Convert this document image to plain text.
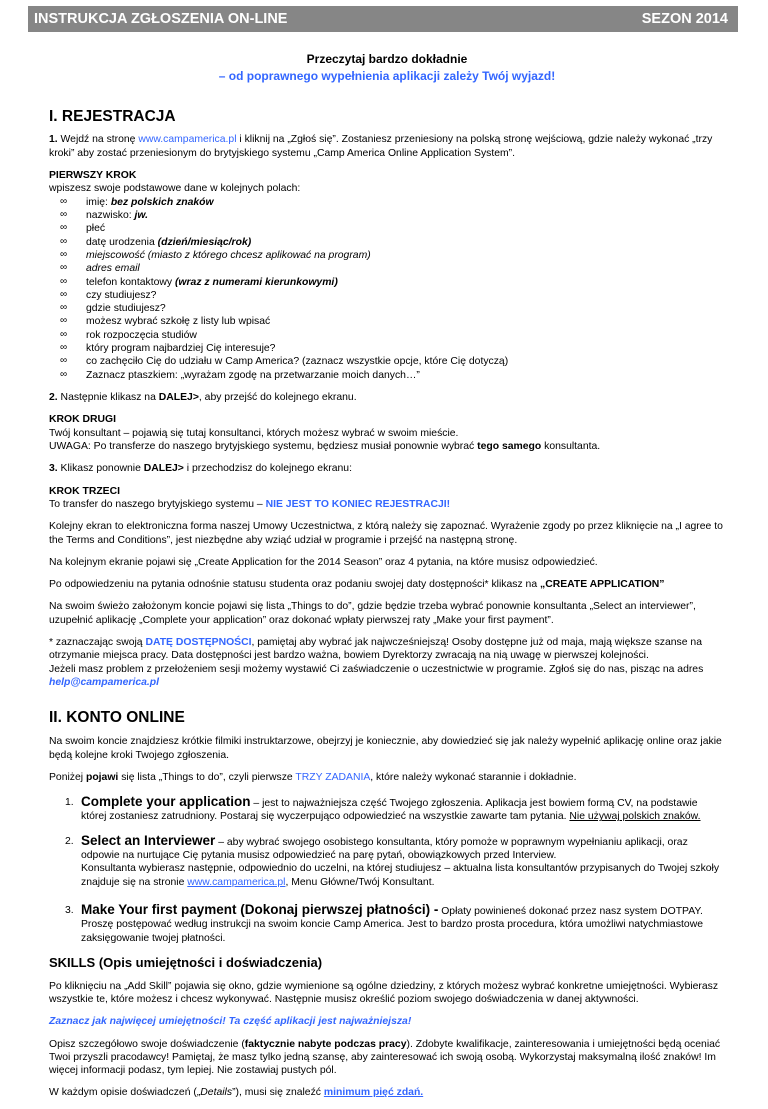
INSTRUKCJA ZGŁOSZENIA ON-LINE	SEZON 2014
Przeczytaj bardzo dokładnie
– od poprawnego wypełnienia aplikacji zależy Twój wyjazd!
I. REJESTRACJA

1. Wejdź na stronę www.campamerica.pl i kliknij na „Zgłoś się”. Zostaniesz przeniesiony na polską stronę wejściową, gdzie należy wykonać „trzy kroki” aby zostać przeniesionym do brytyjskiego systemu „Camp America Online Application System”.

PIERWSZY KROK
wpiszesz swoje podstawowe dane w kolejnych polach:
∞ imię: bez polskich znaków
∞ nazwisko: jw.
∞ płeć
∞ datę urodzenia (dzień/miesiąc/rok)
∞ miejscowość (miasto z którego chcesz aplikować na program)
∞ adres email
∞ telefon kontaktowy (wraz z numerami kierunkowymi)
∞ czy studiujesz?
∞ gdzie studiujesz?
∞ możesz wybrać szkołę z listy lub wpisać
∞ rok rozpoczęcia studiów
∞ który program najbardziej Cię interesuje?
∞ co zachęciło Cię do udziału w Camp America? (zaznacz wszystkie opcje, które Cię dotyczą)
∞ Zaznacz ptaszkiem: „wyrażam zgodę na przetwarzanie moich danych…”

2. Następnie klikasz na DALEJ>, aby przejść do kolejnego ekranu.

KROK DRUGI
Twój konsultant – pojawią się tutaj konsultanci, których możesz wybrać w swoim mieście.
UWAGA: Po transferze do naszego brytyjskiego systemu, będziesz musiał ponownie wybrać tego samego konsultanta.

3. Klikasz ponownie DALEJ> i przechodzisz do kolejnego ekranu:

KROK TRZECI
To transfer do naszego brytyjskiego systemu – NIE JEST TO KONIEC REJESTRACJI!

Kolejny ekran to elektroniczna forma naszej Umowy Uczestnictwa, z którą należy się zapoznać. Wyrażenie zgody po przez kliknięcie na „I agree to the Terms and Conditions”, jest niezbędne aby wziąć udział w programie i przejść na następną stronę.

Na kolejnym ekranie pojawi się „Create Application for the 2014 Season” oraz 4 pytania, na które musisz odpowiedzieć.

Po odpowiedzeniu na pytania odnośnie statusu studenta oraz podaniu swojej daty dostępności* klikasz na „CREATE APPLICATION”

Na swoim świeżo założonym koncie pojawi się lista „Things to do”, gdzie będzie trzeba wybrać ponownie konsultanta „Select an interviewer”, uzupełnić aplikację „Complete your application” oraz dokonać wpłaty pierwszej raty „Make your first payment”.

* zaznaczając swoją DATĘ DOSTĘPNOŚCI, pamiętaj aby wybrać jak najwcześniejszą! Osoby dostępne już od maja, mają większe szanse na otrzymanie miejsca pracy. Data dostępności jest bardzo ważna, bowiem Dyrektorzy zwracają na nią uwagę w pierwszej kolejności.
Jeżeli masz problem z przełożeniem sesji możemy wystawić Ci zaświadczenie o uczestnictwie w programie. Zgłoś się do nas, pisząc na adres
help@campamerica.pl

II. KONTO ONLINE

Na swoim koncie znajdziesz krótkie filmiki instruktarzowe, obejrzyj je koniecznie, aby dowiedzieć się jak należy wypełnić aplikację online oraz jakie będą kolejne kroki Twojego zgłoszenia.

Poniżej pojawi się lista „Things to do”, czyli pierwsze TRZY ZADANIA, które należy wykonać starannie i dokładnie.

1. Complete your application – jest to najważniejsza część Twojego zgłoszenia. Aplikacja jest bowiem formą CV, na podstawie której zostaniesz zatrudniony. Postaraj się wyczerpująco odpowiedzieć na wszystkie zawarte tam pytania. Nie używaj polskich znaków.
2. Select an Interviewer – aby wybrać swojego osobistego konsultanta, który pomoże w poprawnym wypełnianiu aplikacji, oraz odpowie na nurtujące Cię pytania musisz odpowiedzieć na parę pytań, obowiązkowych przed Interview.
Konsultanta wybierasz następnie, odpowiednio do uczelni, na której studiujesz – aktualna lista konsultantów przypisanych do Twojej szkoły znajduje się na stronie www.campamerica.pl, Menu Główne/Twój Konsultant.
3. Make Your first payment (Dokonaj pierwszej płatności) - Opłaty powinieneś dokonać przez nasz system DOTPAY.
Proszę postępować według instrukcji na swoim koncie Camp America. Jest to bardzo prosta procedura, która umożliwi natychmiastowe zaksięgowanie twojej płatności.
SKILLS (Opis umiejętności i doświadczenia)

Po kliknięciu na „Add Skill” pojawia się okno, gdzie wymienione są ogólne dziedziny, z których możesz wybrać konkretne umiejętności. Wybierasz wszystkie te, które możesz i chcesz wykonywać. Następnie musisz określić poziom swojego doświadczenia w danej aktywności.

Zaznacz jak najwięcej umiejętności! Ta część aplikacji jest najważniejsza!

Opisz szczegółowo swoje doświadczenie (faktycznie nabyte podczas pracy). Zdobyte kwalifikacje, zainteresowania i umiejętności będą oceniać Twoi przyszli pracodawcy! Pamiętaj, że masz tylko jedną szansę, aby zainteresować ich swoją osobą. Wykorzystaj maksymalną ilość znaków! Im więcej informacji podasz, tym lepiej. Nie zostawiaj pustych pól.

W każdym opisie doświadczeń („Details”), musi się znaleźć minimum pięć zdań.
